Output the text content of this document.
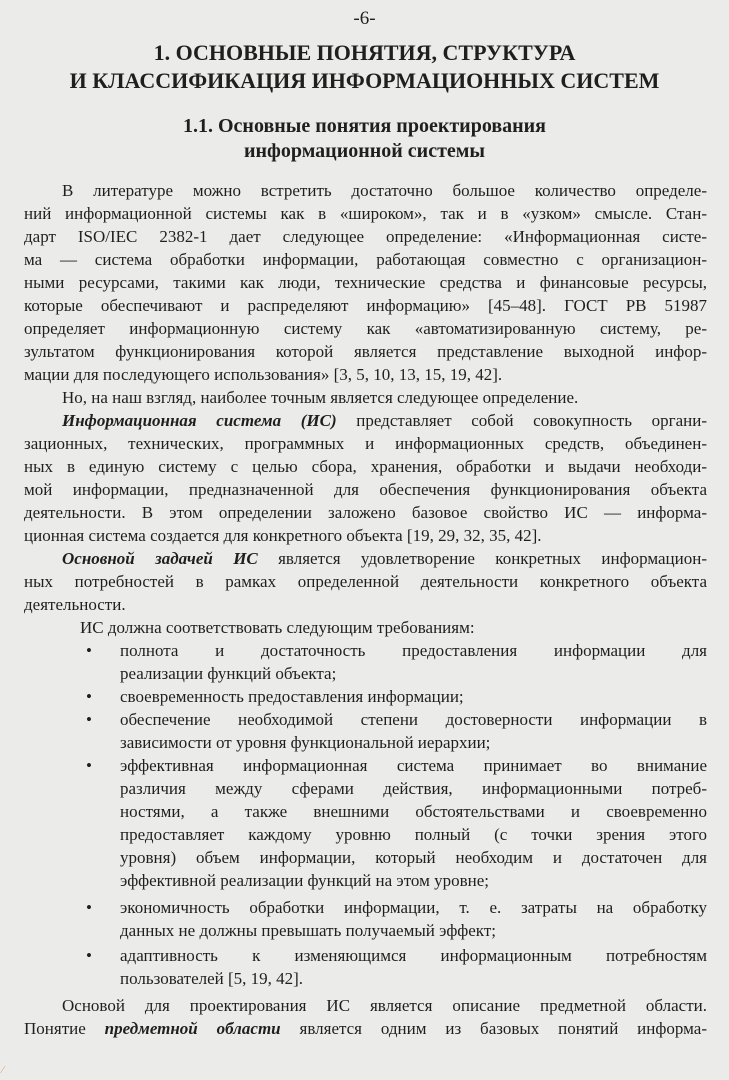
-6-
1. ОСНОВНЫЕ ПОНЯТИЯ, СТРУКТУРА
И КЛАССИФИКАЦИЯ ИНФОРМАЦИОННЫХ СИСТЕМ
1.1. Основные понятия проектирования
информационной системы
В литературе можно встретить достаточно большое количество определе-
ний информационной системы как в «широком», так и в «узком» смысле. Стан-
дарт ISO/IEC 2382-1 дает следующее определение: «Информационная систе-
ма — система обработки информации, работающая совместно с организацион-
ными ресурсами, такими как люди, технические средства и финансовые ресурсы,
которые обеспечивают и распределяют информацию» [45–48]. ГОСТ РВ 51987
определяет информационную систему как «автоматизированную систему, ре-
зультатом функционирования которой является представление выходной инфор-
мации для последующего использования» [3, 5, 10, 13, 15, 19, 42].
Но, на наш взгляд, наиболее точным является следующее определение.
Информационная система (ИС) представляет собой совокупность органи-
зационных, технических, программных и информационных средств, объединен-
ных в единую систему с целью сбора, хранения, обработки и выдачи необходи-
мой информации, предназначенной для обеспечения функционирования объекта
деятельности. В этом определении заложено базовое свойство ИС — информа-
ционная система создается для конкретного объекта [19, 29, 32, 35, 42].
Основной задачей ИС является удовлетворение конкретных информацион-
ных потребностей в рамках определенной деятельности конкретного объекта
деятельности.
ИС должна соответствовать следующим требованиям:
• полнота и достаточность предоставления информации для
реализации функций объекта;
• своевременность предоставления информации;
• обеспечение необходимой степени достоверности информации в
зависимости от уровня функциональной иерархии;
• эффективная информационная система принимает во внимание
различия между сферами действия, информационными потреб-
ностями, а также внешними обстоятельствами и своевременно
предоставляет каждому уровню полный (с точки зрения этого
уровня) объем информации, который необходим и достаточен для
эффективной реализации функций на этом уровне;
• экономичность обработки информации, т. е. затраты на обработку
данных не должны превышать получаемый эффект;
• адаптивность к изменяющимся информационным потребностям
пользователей [5, 19, 42].
Основой для проектирования ИС является описание предметной области.
Понятие предметной области является одним из базовых понятий информа-
⁄
